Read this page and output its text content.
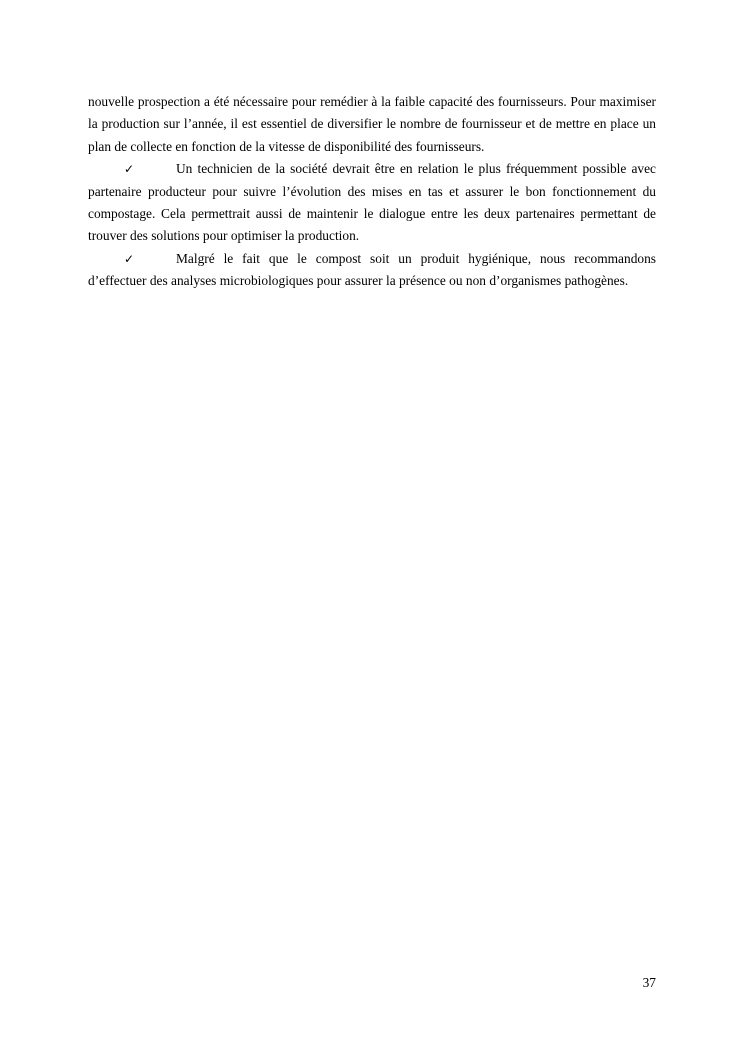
nouvelle prospection a été nécessaire pour remédier à la faible capacité des fournisseurs. Pour maximiser la production sur l’année, il est essentiel de diversifier le nombre de fournisseur et de mettre en place un plan de collecte en fonction de la vitesse de disponibilité des fournisseurs.

✓	Un technicien de la société devrait être en relation le plus fréquemment possible avec partenaire producteur pour suivre l’évolution des mises en tas et assurer le bon fonctionnement du compostage. Cela permettrait aussi de maintenir le dialogue entre les deux partenaires permettant de trouver des solutions pour optimiser la production.

✓	Malgré le fait que le compost soit un produit hygiénique, nous recommandons d’effectuer des analyses microbiologiques pour assurer la présence ou non d’organismes pathogènes.

37
